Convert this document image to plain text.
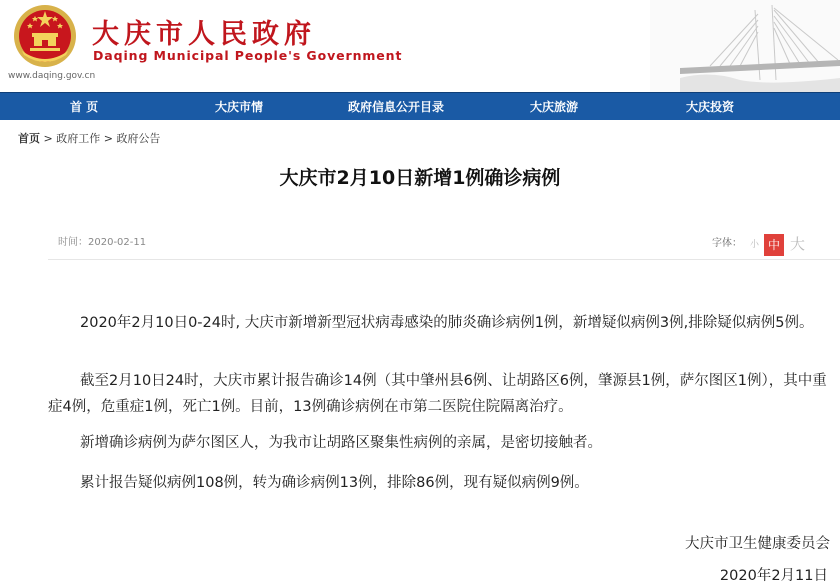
大庆市人民政府
Daqing Municipal People's Government
www.daqing.gov.cn
首 页	大庆市情	政府信息公开目录	大庆旅游	大庆投资
首页 > 政府工作 > 政府公告
大庆市2月10日新增1例确诊病例
时间：2020-02-11	字体： 小 中 大

2020年2月10日0-24时, 大庆市新增新型冠状病毒感染的肺炎确诊病例1例，新增疑似病例3例,排除疑似病例5例。

截至2月10日24时，大庆市累计报告确诊14例（其中肇州县6例、让胡路区6例，肇源县1例，萨尔图区1例），其中重症4例，危重症1例，死亡1例。目前，13例确诊病例在市第二医院住院隔离治疗。

新增确诊病例为萨尔图区人，为我市让胡路区聚集性病例的亲属，是密切接触者。

累计报告疑似病例108例，转为确诊病例13例，排除86例，现有疑似病例9例。

大庆市卫生健康委员会
2020年2月11日
